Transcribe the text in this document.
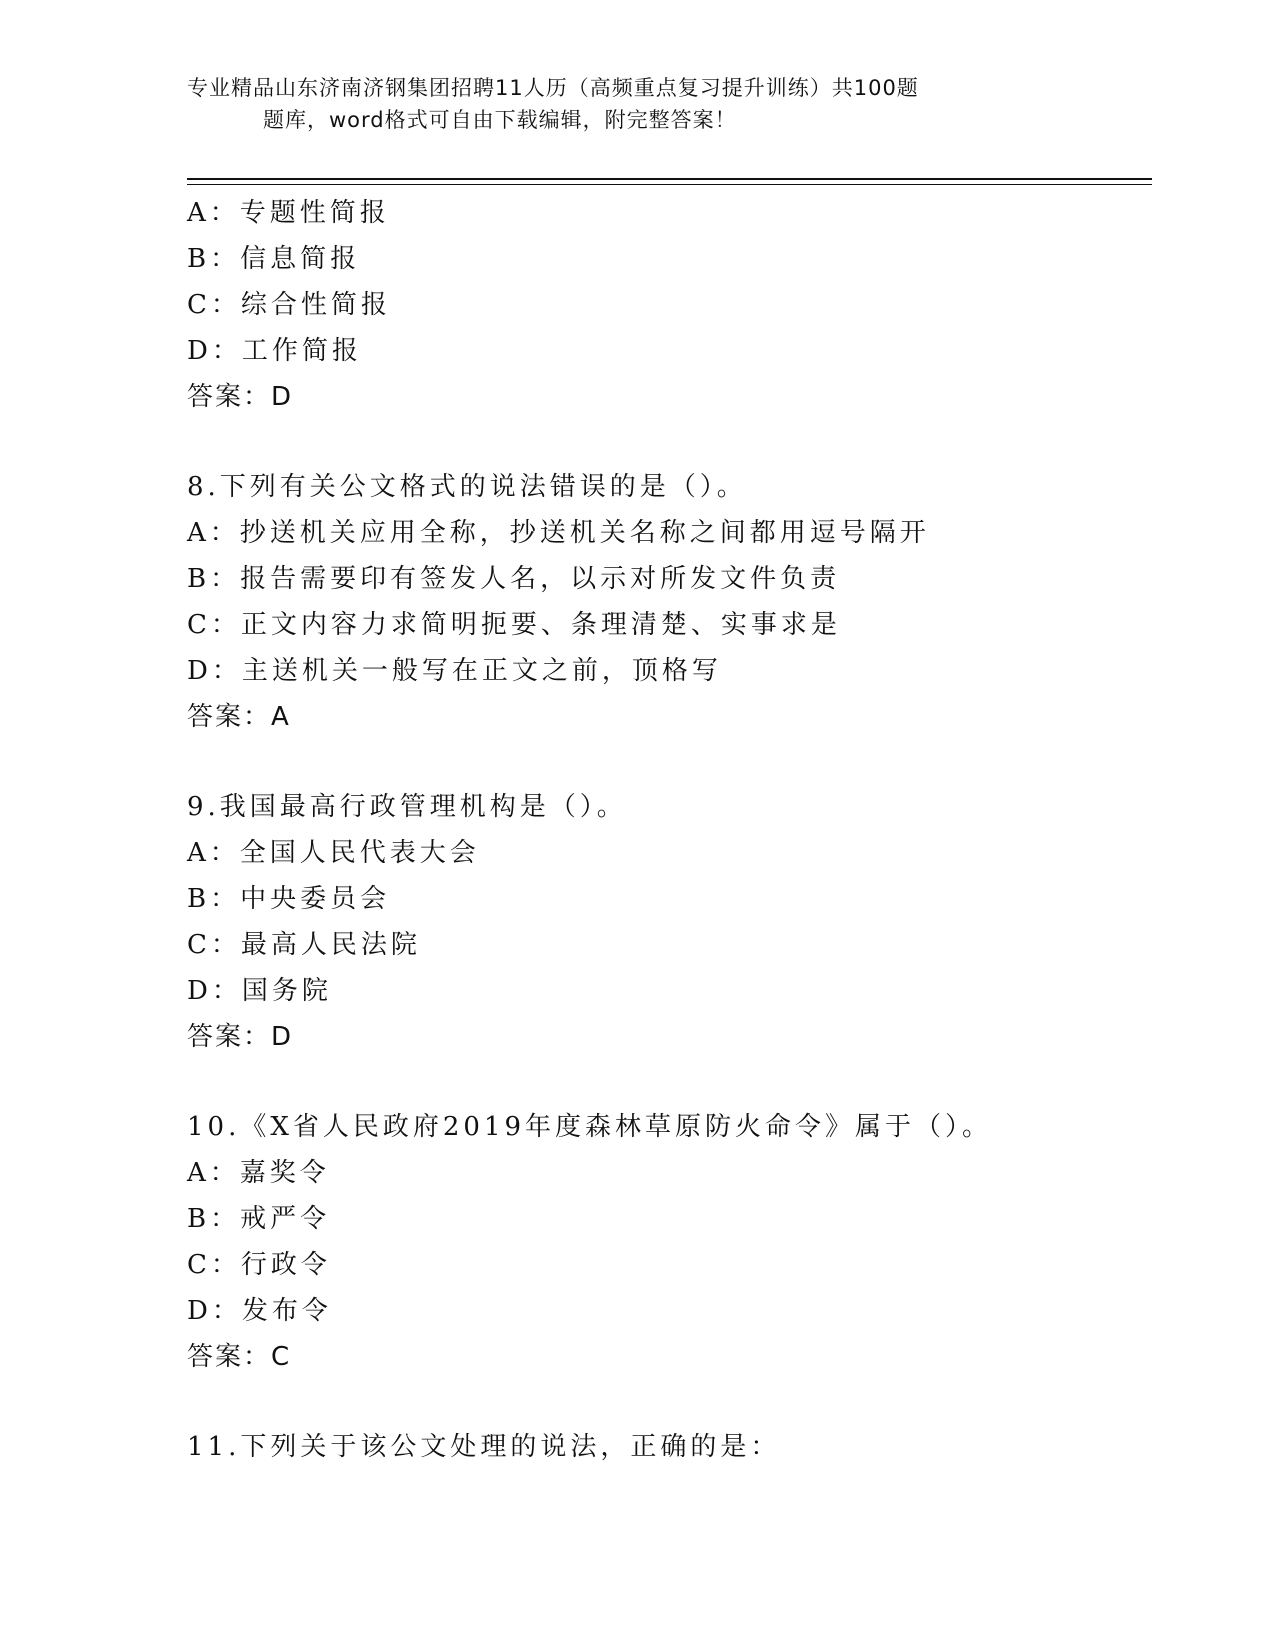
专业精品山东济南济钢集团招聘11人历（高频重点复习提升训练）共100题
题库，word格式可自由下载编辑，附完整答案！
A：专题性简报
B：信息简报
C：综合性简报
D：工作简报
答案：D
8.下列有关公文格式的说法错误的是（）。
A：抄送机关应用全称，抄送机关名称之间都用逗号隔开
B：报告需要印有签发人名，以示对所发文件负责
C：正文内容力求简明扼要、条理清楚、实事求是
D：主送机关一般写在正文之前，顶格写
答案：A
9.我国最高行政管理机构是（）。
A：全国人民代表大会
B：中央委员会
C：最高人民法院
D：国务院
答案：D
10.《X省人民政府2019年度森林草原防火命令》属于（）。
A：嘉奖令
B：戒严令
C：行政令
D：发布令
答案：C
11.下列关于该公文处理的说法，正确的是：
